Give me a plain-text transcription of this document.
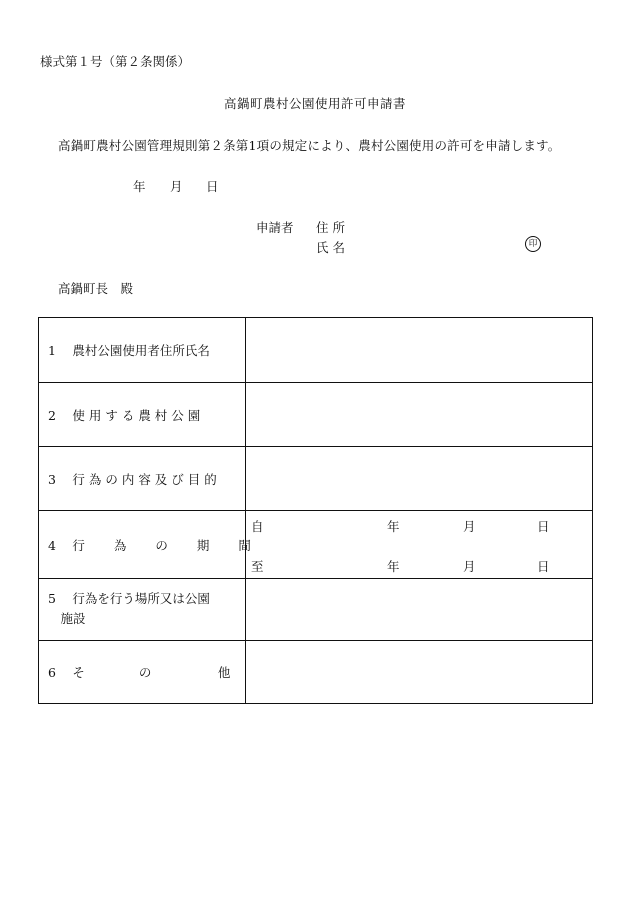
様式第１号（第２条関係）
高鍋町農村公園使用許可申請書
高鍋町農村公園管理規則第２条第1項の規定により、農村公園使用の許可を申請します。
年 月 日
申請者 住 所
氏 名	印
高鍋町長　殿
1　 農村公園使用者住所氏名
2　 使 用 す る 農 村 公 園
3　 行 為 の 内 容 及 び 目 的
4　 行　　 為　　 の　　 期　　 間
自	年	月	日
至	年	月	日
5　 行為を行う場所又は公園
　施設
6　 そ　　　　 の　　　　　 他
